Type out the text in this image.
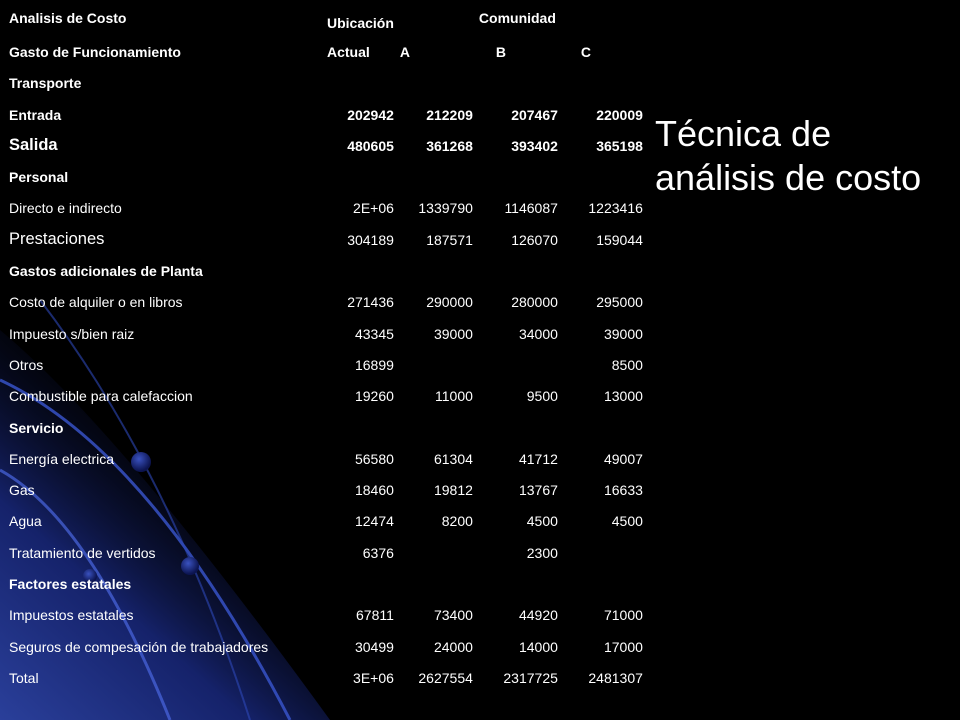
Técnica de análisis de costo
Analisis de Costo	Ubicación		Comunidad	
Gasto de Funcionamiento	Actual	A	B	C
Transporte				
Entrada	202942	212209	207467	220009
Salida	480605	361268	393402	365198
Personal				
Directo e indirecto	2E+06	1339790	1146087	1223416
Prestaciones	304189	187571	126070	159044
Gastos adicionales de Planta				
Costo de alquiler o en libros	271436	290000	280000	295000
Impuesto s/bien raiz	43345	39000	34000	39000
Otros	16899			8500
Combustible para calefaccion	19260	11000	9500	13000
Servicio				
Energía electrica	56580	61304	41712	49007
Gas	18460	19812	13767	16633
Agua	12474	8200	4500	4500
Tratamiento de vertidos	6376		2300	
Factores estatales				
Impuestos estatales	67811	73400	44920	71000
Seguros de compesación de trabajadores	30499	24000	14000	17000
Total	3E+06	2627554	2317725	2481307
